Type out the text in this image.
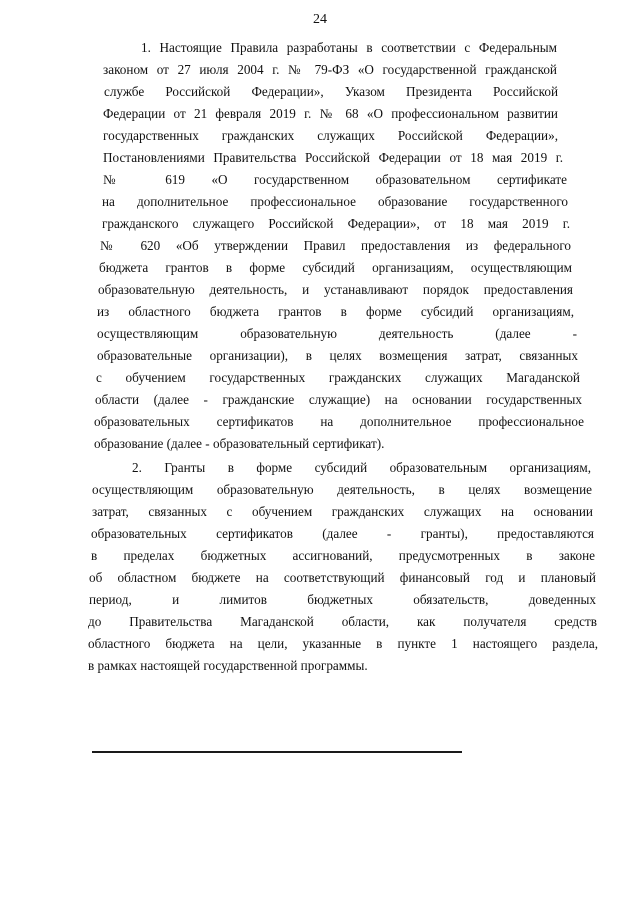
24
1. Настоящие Правила разработаны в соответствии с Федеральным
законом от 27 июля 2004 г. № 79-ФЗ «О государственной гражданской
службе Российской Федерации», Указом Президента Российской
Федерации от 21 февраля 2019 г. № 68 «О профессиональном развитии
государственных гражданских служащих Российской Федерации»,
Постановлениями Правительства Российской Федерации от 18 мая 2019 г.
№ 619 «О государственном образовательном сертификате
на дополнительное профессиональное образование государственного
гражданского служащего Российской Федерации», от 18 мая 2019 г.
№ 620 «Об утверждении Правил предоставления из федерального
бюджета грантов в форме субсидий организациям, осуществляющим
образовательную деятельность, и устанавливают порядок предоставления
из областного бюджета грантов в форме субсидий организациям,
осуществляющим образовательную деятельность (далее -
образовательные организации), в целях возмещения затрат, связанных
с обучением государственных гражданских служащих Магаданской
области (далее - гражданские служащие) на основании государственных
образовательных сертификатов на дополнительное профессиональное
образование (далее - образовательный сертификат).
2. Гранты в форме субсидий образовательным организациям,
осуществляющим образовательную деятельность, в целях возмещение
затрат, связанных с обучением гражданских служащих на основании
образовательных сертификатов (далее - гранты), предоставляются
в пределах бюджетных ассигнований, предусмотренных в законе
об областном бюджете на соответствующий финансовый год и плановый
период, и лимитов бюджетных обязательств, доведенных
до Правительства Магаданской области, как получателя средств
областного бюджета на цели, указанные в пункте 1 настоящего раздела,
в рамках настоящей государственной программы.
